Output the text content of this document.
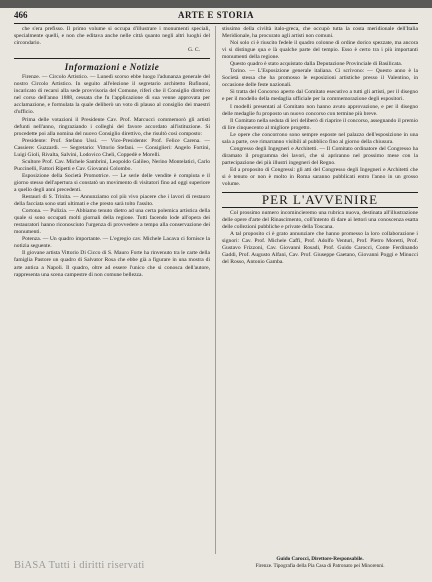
466	ARTE E STORIA

che s'era prefisso. Il primo volume si occupa d'illustrare i monumenti speciali, specialmente quelli, e non che editava anche nelle città quanto negli altri luoghi del circondario.

G. C.

Informazioni e Notizie

Firenze. — Circolo Artistico. — Lunedì scorso ebbe luogo l'adunanza generale del nostro Circolo Artistico. In seguito all'elezione il segretario architetto Rufinoni, incaricato di recarsi alla sede provvisoria del Comune, riferì che il Consiglio direttivo nel corso dell'anno 1888, cessata che fu l'applicazione di sua venne approvata per acclamazione, e formulata la quale deliberò un voto di plauso al consiglio dei maestri d'ufficio.

Prima delle votazioni il Presidente Cav. Prof. Marcucci commemorò gli artisti defunti nell'anno, ringraziando i colleghi del favore accordato all'istituzione. Si procedette poi alla nomina del nuovo Consiglio direttivo, che risultò così composto:

Presidente: Prof. Stefano Ussi. — Vice-Presidente: Prof. Felice Carena. — Cassiere: Guzzardi. — Segretario: Vittorio Stefani. — Consiglieri: Angelo Fortini, Luigi Gioli, Rivalta, Salvini, Lodovico Cheli, Coppedè e Morelli.

Scultore Prof. Cav. Michele Sambrini, Leopoldo Galileo, Nerino Montelatici, Carlo Puccinelli, Fattori Ripetti e Cav. Giovanni Colombo.

Esposizione della Società Promotrice. — Le serie delle vendite è compiuta e il giorno stesso dell'apertura si constatò un movimento di visitatori fino ad oggi superiore a quello degli anni precedenti.

Restauri di S. Trinita. — Annunziamo col più vivo piacere che i lavori di restauro della facciata sono stati ultimati e che presto sarà tolto l'assito.

Cortona. — Pulizia. — Abbiamo tenuto dietro ad una certa polemica artistica della quale si sono occupati molti giornali della regione. Tutti facendo lode all'opera dei restauratori hanno riconosciuto l'urgenza di provvedere a tempo alla conservazione dei monumenti.

Potenza. — Un quadro importante. — L'egregio cav. Michele Lacava ci fornisce la notizia seguente.

Il giovane artista Vittorio Di Cicco di S. Mauro Forte ha rinvenuto tra le carte della famiglia Pastore un quadro di Salvator Rosa che ebbe già a figurare in una mostra di arte antica a Napoli. Il quadro, oltre ad essere l'unico che si conosca dell'autore, rappresenta una scena campestre di non comune bellezza.

stissimo della civiltà italo-greca, che occupò tutta la costa meridionale dell'Italia Meridionale, ha procurato agli artisti non comuni.

Noi solo ci è riuscito fedele il quadro colonne di ordine dorico spezzate, ma ancora vi si distingue qua e là qualche parte del tempio. Esso è certo tra i più importanti monumenti della regione.

Questo quadro è stato acquistato dalla Deputazione Provinciale di Basilicata.

Torino. — L'Esposizione generale italiana. Ci scrivono: — Questo anno è la Società stessa che ha promosso le esposizioni artistiche presso il Valentino, in occasione delle feste nazionali.

Si tratta del Concorso aperto dal Comitato esecutivo a tutti gli artisti, per il disegno e per il modello della medaglia ufficiale per la commemorazione degli espositori.

I modelli presentati al Comitato non hanno avuto approvazione, e per il disegno delle medaglie fu proposto un nuovo concorso con termine più breve.

Il Comitato nella seduta di ieri deliberò di riaprire il concorso, assegnando il premio di lire cinquecento al migliore progetto.

Le opere che concorrono sono sempre esposte nel palazzo dell'esposizione in una sala a parte, ove rimarranno visibili al pubblico fino al giorno della chiusura.

Congresso degli Ingegneri e Architetti. — Il Comitato ordinatore del Congresso ha diramato il programma dei lavori, che si apriranno nel prossimo mese con la partecipazione dei più illustri ingegneri del Regno.

Ed a proposito di Congressi: gli atti del Congresso degli Ingegneri e Architetti che si è tenuto or non è molto in Roma saranno pubblicati entro l'anno in un grosso volume.

PER L'AVVENIRE

Col prossimo numero incomincieremo una rubrica nuova, destinata all'illustrazione delle opere d'arte del Rinascimento, coll'intento di dare ai lettori una conoscenza esatta delle collezioni pubbliche e private della Toscana.

A tal proposito ci è grato annunziare che hanno promesso la loro collaborazione i signori: Cav. Prof. Michele Caffi, Prof. Adolfo Venturi, Prof. Pietro Moretti, Prof. Gustavo Frizzoni, Cav. Giovanni Rosadi, Prof. Guido Carocci, Conte Ferdinando Gaddi, Prof. Augusto Alfani, Cav. Prof. Giuseppe Gaetano, Giovanni Poggi e Minucci del Rosso, Antonio Gamba.

Guido Carocci, Direttore-Responsabile.
Firenze. Tipografia della Pia Casa di Patronato pei Minorenni.
BiASA Tutti i diritti riservati
